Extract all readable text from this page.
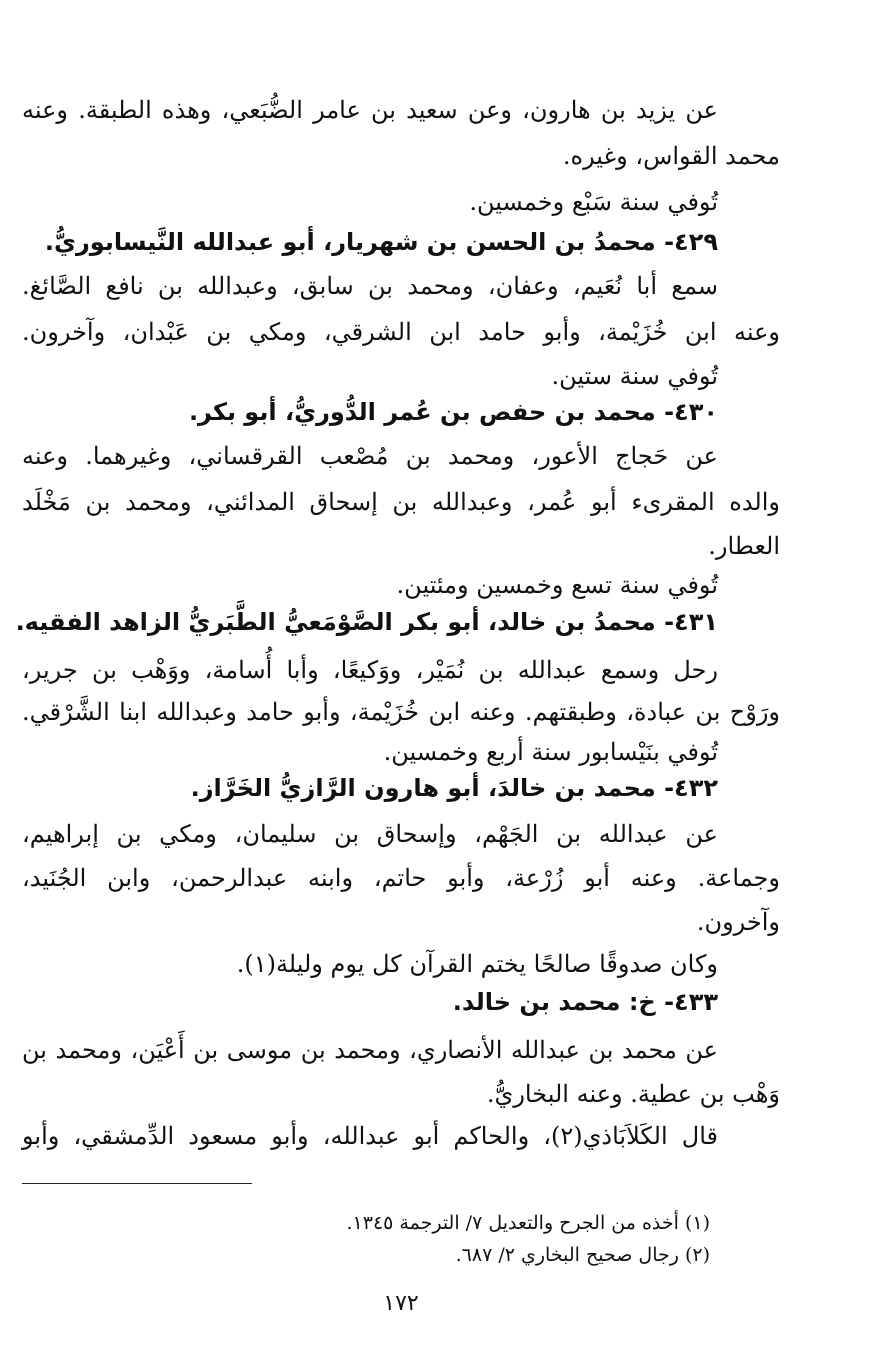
عن يزيد بن هارون، وعن سعيد بن عامر الضُّبَعي، وهذه الطبقة. وعنه
محمد القواس، وغيره.
تُوفي سنة سَبْع وخمسين.
٤٢٩- محمدُ بن الحسن بن شهريار، أبو عبدالله النَّيسابوريُّ.
سمع أبا نُعَيم، وعفان، ومحمد بن سابق، وعبدالله بن نافع الصَّائغ.
وعنه ابن خُزَيْمة، وأبو حامد ابن الشرقي، ومكي بن عَبْدان، وآخرون.
تُوفي سنة ستين.
٤٣٠- محمد بن حفص بن عُمر الدُّوريُّ، أبو بكر.
عن حَجاج الأعور، ومحمد بن مُصْعب القرقساني، وغيرهما. وعنه
والده المقرىء أبو عُمر، وعبدالله بن إسحاق المدائني، ومحمد بن مَخْلَد
العطار.
تُوفي سنة تسع وخمسين ومئتين.
٤٣١- محمدُ بن خالد، أبو بكر الصَّوْمَعيُّ الطَّبَريُّ الزاهد الفقيه.
رحل وسمع عبدالله بن نُمَيْر، ووَكيعًا، وأبا أُسامة، ووَهْب بن جرير،
ورَوْح بن عبادة، وطبقتهم. وعنه ابن خُزَيْمة، وأبو حامد وعبدالله ابنا الشَّرْقي.
تُوفي بنَيْسابور سنة أربع وخمسين.
٤٣٢- محمد بن خالدَ، أبو هارون الرَّازيُّ الخَرَّاز.
عن عبدالله بن الجَهْم، وإسحاق بن سليمان، ومكي بن إبراهيم،
وجماعة. وعنه أبو زُرْعة، وأبو حاتم، وابنه عبدالرحمن، وابن الجُنَيد،
وآخرون.
وكان صدوقًا صالحًا يختم القرآن كل يوم وليلة(١).
٤٣٣- خ: محمد بن خالد.
عن محمد بن عبدالله الأنصاري، ومحمد بن موسى بن أَعْيَن، ومحمد بن
وَهْب بن عطية. وعنه البخاريُّ.
قال الكَلاَبَاذي(٢)، والحاكم أبو عبدالله، وأبو مسعود الدِّمشقي، وأبو
(١) أخذه من الجرح والتعديل ٧/ الترجمة ١٣٤٥.
(٢) رجال صحيح البخاري ٢/ ٦٨٧.
١٧٢
